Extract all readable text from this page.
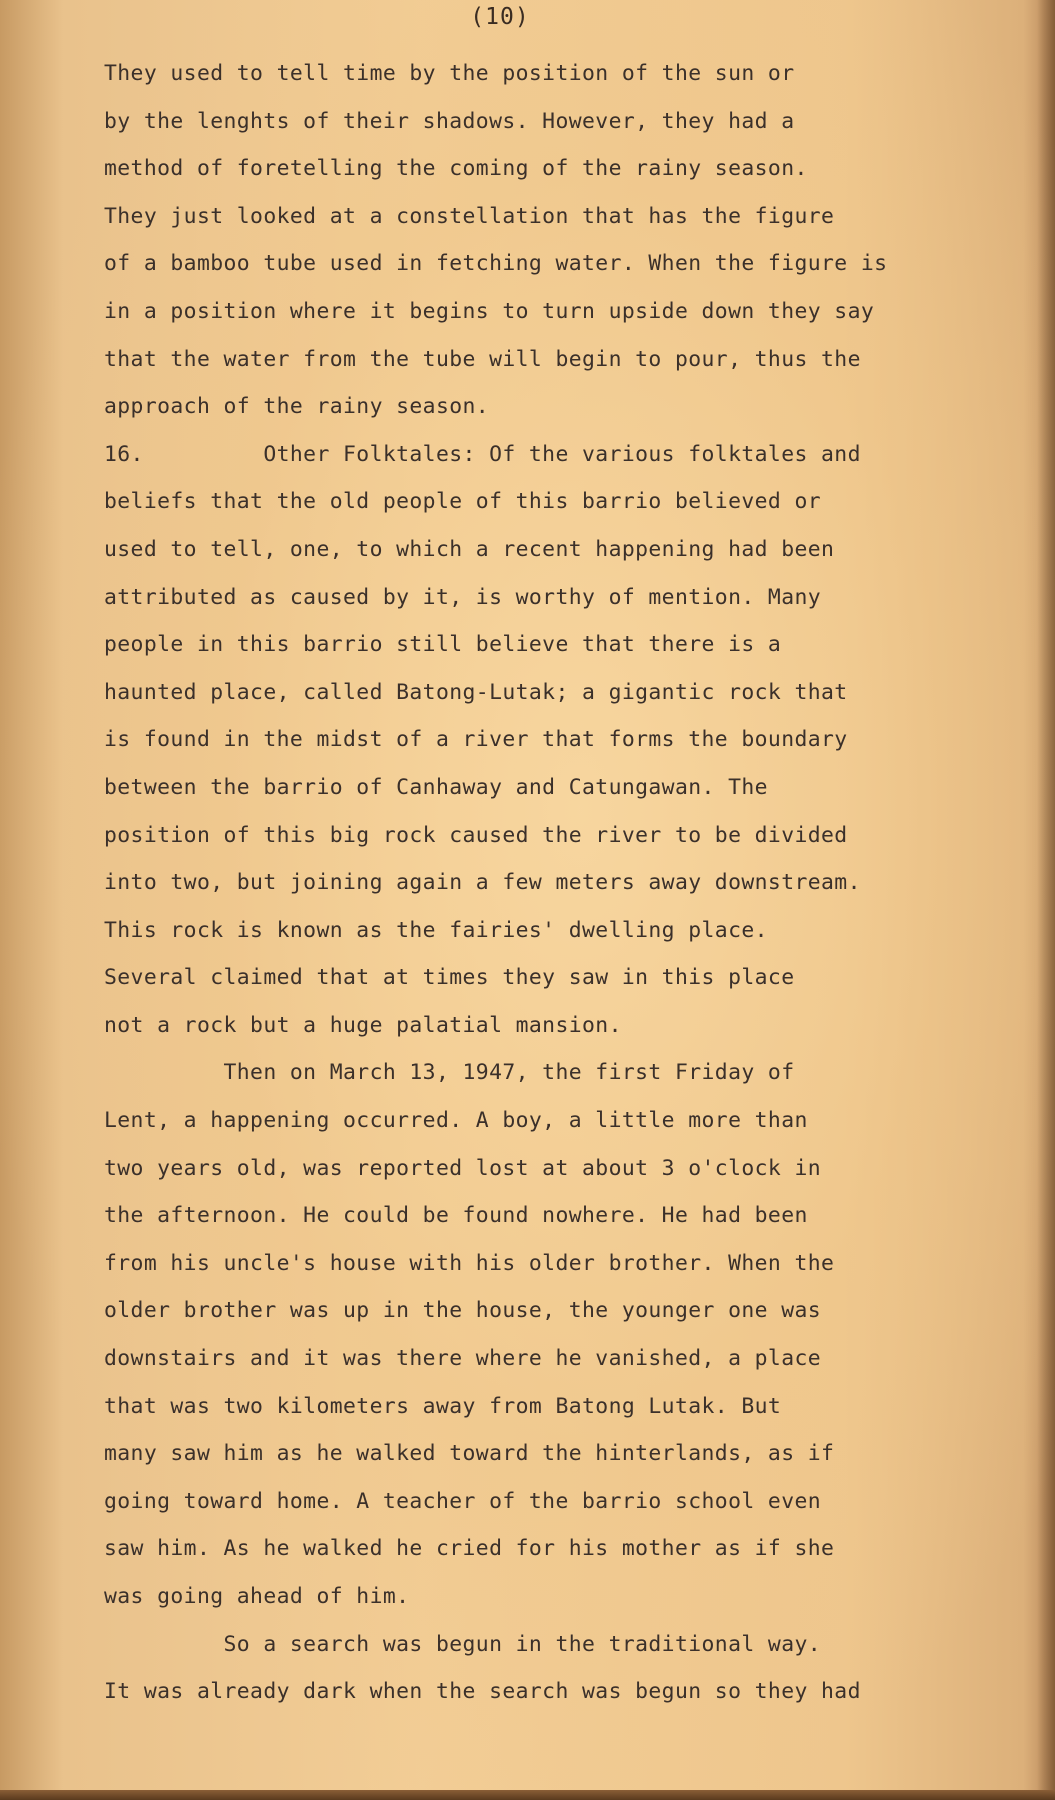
(10)
They used to tell time by the position of the sun or
by the lenghts of their shadows. However, they had a
method of foretelling the coming of the rainy season.
They just looked at a constellation that has the figure
of a bamboo tube used in fetching water. When the figure is
in a position where it begins to turn upside down they say
that the water from the tube will begin to pour, thus the
approach of the rainy season.
16.         Other Folktales: Of the various folktales and
beliefs that the old people of this barrio believed or
used to tell, one, to which a recent happening had been
attributed as caused by it, is worthy of mention. Many
people in this barrio still believe that there is a
haunted place, called Batong-Lutak; a gigantic rock that
is found in the midst of a river that forms the boundary
between the barrio of Canhaway and Catungawan. The
position of this big rock caused the river to be divided
into two, but joining again a few meters away downstream.
This rock is known as the fairies' dwelling place.
Several claimed that at times they saw in this place
not a rock but a huge palatial mansion.
Then on March 13, 1947, the first Friday of
Lent, a happening occurred. A boy, a little more than
two years old, was reported lost at about 3 o'clock in
the afternoon. He could be found nowhere. He had been
from his uncle's house with his older brother. When the
older brother was up in the house, the younger one was
downstairs and it was there where he vanished, a place
that was two kilometers away from Batong Lutak. But
many saw him as he walked toward the hinterlands, as if
going toward home. A teacher of the barrio school even
saw him. As he walked he cried for his mother as if she
was going ahead of him.
So a search was begun in the traditional way.
It was already dark when the search was begun so they had
